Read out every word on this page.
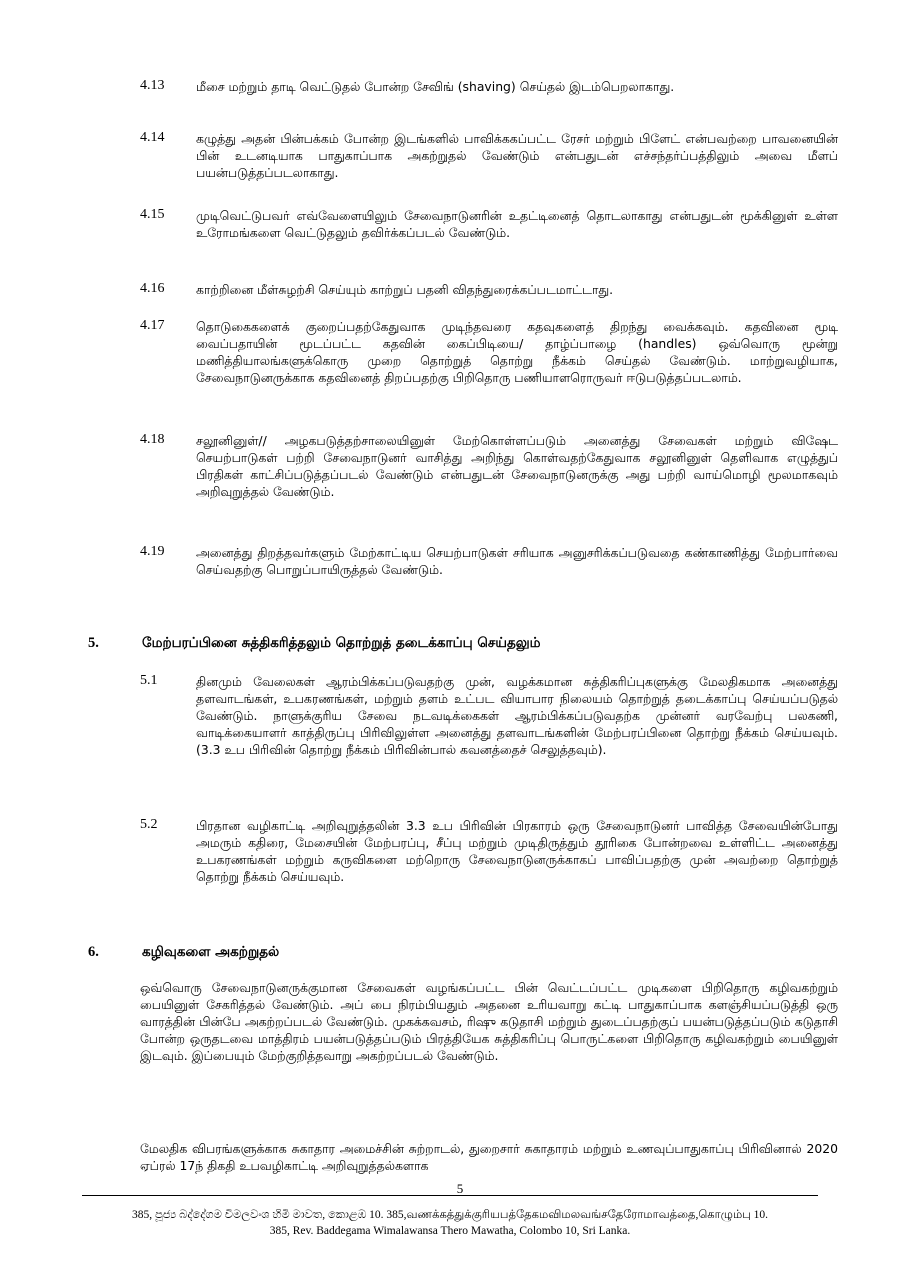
4.13	மீசை மற்றும் தாடி வெட்டுதல் போன்ற சேவிங் (shaving) செய்தல் இடம்பெறலாகாது.
4.14	கழுத்து அதன் பின்பக்கம் போன்ற இடங்களில் பாவிக்ககப்பட்ட ரேசர் மற்றும் பிளேட் என்பவற்றை பாவனையின் பின் உடனடியாக பாதுகாப்பாக அகற்றுதல் வேண்டும் என்பதுடன் எச்சந்தர்ப்பத்திலும் அவை மீளப் பயன்படுத்தப்படலாகாது.
4.15	முடிவெட்டுபவர் எவ்வேளையிலும் சேவைநாடுனரின் உதட்டினைத் தொடலாகாது என்பதுடன் மூக்கினுள் உள்ள உரோமங்களை வெட்டுதலும் தவிர்க்கப்படல் வேண்டும்.
4.16	காற்றினை மீள்சுழற்சி செய்யும் காற்றுப் பதனி விதந்துரைக்கப்படமாட்டாது.
4.17	தொடுகைகளைக் குறைப்பதற்கேதுவாக முடிந்தவரை கதவுகளைத் திறந்து வைக்கவும். கதவினை மூடி வைப்பதாயின் மூடப்பட்ட கதவின் கைப்பிடியை/ தாழ்ப்பாழை (handles) ஒவ்வொரு மூன்று மணித்தியாலங்களுக்கொரு முறை தொற்றுத் தொற்று நீக்கம் செய்தல் வேண்டும். மாற்றுவழியாக, சேவைநாடுனருக்காக கதவினைத் திறப்பதற்கு பிறிதொரு பணியாளரொருவர் ஈடுபடுத்தப்படலாம்.
4.18	சலூனினுள்// அழகபடுத்தற்சாலையினுள் மேற்கொள்ளப்படும் அனைத்து சேவைகள் மற்றும் விஷேட செயற்பாடுகள் பற்றி சேவைநாடுனர் வாசித்து அறிந்து கொள்வதற்கேதுவாக சலூனினுள் தெளிவாக எழுத்துப் பிரதிகள் காட்சிப்படுத்தப்படல் வேண்டும் என்பதுடன் சேவைநாடுனருக்கு அது பற்றி வாய்மொழி மூலமாகவும் அறிவுறுத்தல் வேண்டும்.
4.19	அனைத்து திறத்தவர்களும் மேற்காட்டிய செயற்பாடுகள் சரியாக அனுசரிக்கப்படுவதை கண்காணித்து மேற்பார்வை செய்வதற்கு பொறுப்பாயிருத்தல் வேண்டும்.
5.	மேற்பரப்பினை சுத்திகரித்தலும் தொற்றுத் தடைக்காப்பு செய்தலும்
5.1	தினமும் வேலைகள் ஆரம்பிக்கப்படுவதற்கு முன், வழக்கமான சுத்திகரிப்புகளுக்கு மேலதிகமாக அனைத்து தளவாடங்கள், உபகரணங்கள், மற்றும் தளம் உட்பட வியாபார நிலையம் தொற்றுத் தடைக்காப்பு செய்யப்படுதல் வேண்டும். நாளுக்குரிய சேவை நடவடிக்கைகள் ஆரம்பிக்கப்படுவதற்க முன்னர் வரவேற்பு பலகணி, வாடிக்கையாளர் காத்திருப்பு பிரிவிலுள்ள அனைத்து தளவாடங்களின் மேற்பரப்பினை தொற்று நீக்கம் செய்யவும். (3.3 உப பிரிவின் தொற்று நீக்கம் பிரிவின்பால் கவனத்தைச் செலுத்தவும்).
5.2	பிரதான வழிகாட்டி அறிவுறுத்தலின் 3.3 உப பிரிவின் பிரகாரம் ஒரு சேவைநாடுனர் பாவித்த சேவையின்போது அமரும் கதிரை, மேசையின் மேற்பரப்பு, சீப்பு மற்றும் முடிதிருத்தும் தூரிகை போன்றவை உள்ளிட்ட அனைத்து உபகரணங்கள் மற்றும் கருவிகளை மற்றொரு சேவைநாடுனருக்காகப் பாவிப்பதற்கு முன் அவற்றை தொற்றுத் தொற்று நீக்கம் செய்யவும்.
6.	கழிவுகளை அகற்றுதல்
ஒவ்வொரு சேவைநாடுனருக்குமான சேவைகள் வழங்கப்பட்ட பின் வெட்டப்பட்ட முடிகளை பிறிதொரு கழிவகற்றும் பையினுள் சேகரித்தல் வேண்டும். அப் பை நிரம்பியதும் அதனை உரியவாறு கட்டி பாதுகாப்பாக களஞ்சியப்படுத்தி ஒரு வாரத்தின் பின்பே அகற்றப்படல் வேண்டும். முகக்கவசம், ரிஷு கடுதாசி மற்றும் துடைப்பதற்குப் பயன்படுத்தப்படும் கடுதாசி போன்ற ஒருதடவை மாத்திரம் பயன்படுத்தப்படும் பிரத்தியேக சுத்திகரிப்பு பொருட்களை பிறிதொரு கழிவகற்றும் பையினுள் இடவும். இப்பையும் மேற்குறித்தவாறு அகற்றப்படல் வேண்டும்.
மேலதிக விபரங்களுக்காக சுகாதார அமைச்சின் சுற்றாடல், துறைசார் சுகாதாரம் மற்றும் உணவுப்பாதுகாப்பு பிரிவினால் 2020 ஏப்ரல் 17ந் திகதி உபவழிகாட்டி அறிவுறுத்தல்களாக
5
385, පූජ්‍ය බද්දේගම විමලවංශ හිමි මාවත, කොළඹ 10. 385,வணக்கத்துக்குரியபத்தேகமவிமலவங்சதேரோமாவத்தை,கொழும்பு 10.
385, Rev. Baddegama Wimalawansa Thero Mawatha, Colombo 10, Sri Lanka.
